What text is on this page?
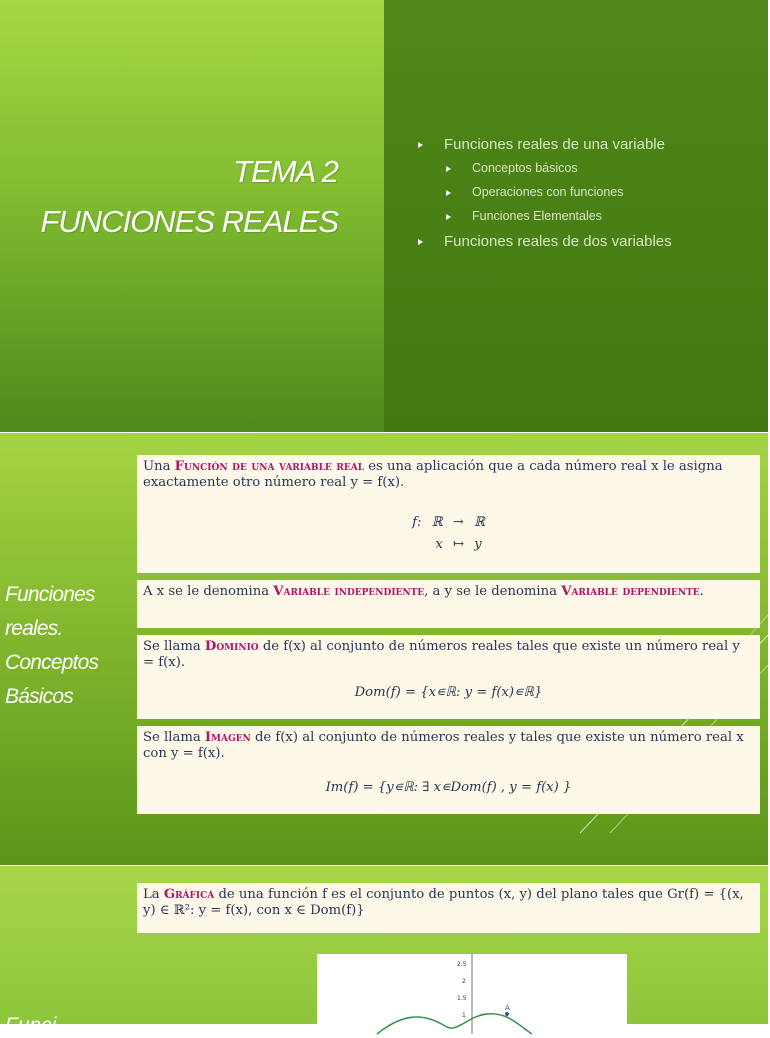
TEMA 2
FUNCIONES REALES
Funciones reales de una variable
Conceptos básicos
Operaciones con funciones
Funciones Elementales
Funciones reales de dos variables
Funciones
reales.
Conceptos
Básicos
Una Función de una variable real es una aplicación que a cada número real x le asigna exactamente otro número real y = f(x).
f: ℝ → ℝ
x ↦ y
A x se le denomina Variable independiente, a y se le denomina Variable dependiente.
Se llama Dominio de f(x) al conjunto de números reales tales que existe un número real y = f(x).
Dom(f) = {x∊ℝ: y = f(x)∊ℝ}
Se llama Imagen de f(x) al conjunto de números reales y tales que existe un número real x con y = f(x).
Im(f) = {y∊ℝ: ∃ x∊Dom(f) , y = f(x) }
La Gráfica de una función f es el conjunto de puntos (x, y) del plano tales que Gr(f) = {(x, y) ∈ ℝ²: y = f(x), con x ∈ Dom(f)}
2.5
2
1.5
1
A
Funci
